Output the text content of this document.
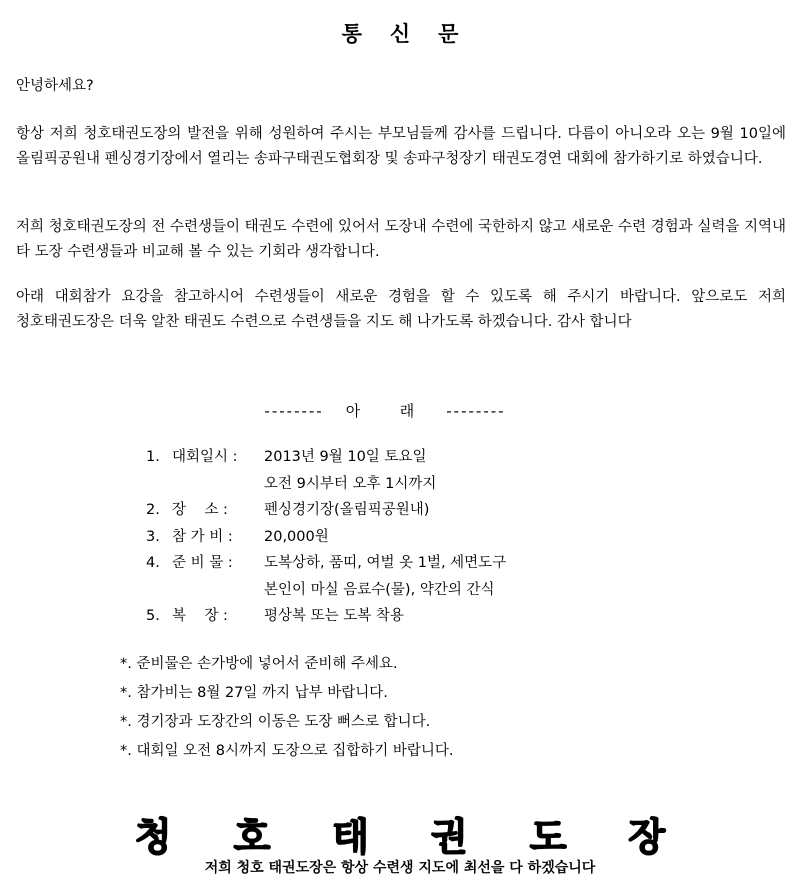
통신문
안녕하세요?
항상 저희 청호태권도장의 발전을 위해 성원하여 주시는 부모님들께 감사를 드립니다. 다름이 아니오라 오는 9월 10일에 올림픽공원내 펜싱경기장에서 열리는 송파구태권도협회장 및 송파구청장기 태권도경연 대회에 참가하기로 하였습니다.
저희 청호태권도장의 전 수련생들이 태권도 수련에 있어서 도장내 수련에 국한하지 않고 새로운 수련 경험과 실력을 지역내 타 도장 수련생들과 비교해 볼 수 있는 기회라 생각합니다.
아래 대회참가 요강을 참고하시어 수련생들이 새로운 경험을 할 수 있도록 해 주시기 바랍니다. 앞으로도 저희 청호태권도장은 더욱 알찬 태권도 수련으로 수련생들을 지도 해 나가도록 하겠습니다. 감사 합니다
-------- 아  래 --------
1. 대회일시 :	2013년 9월 10일 토요일
오전 9시부터 오후 1시까지
2. 장    소 :	펜싱경기장(올림픽공원내)
3. 참 가 비 :	20,000원
4. 준 비 물 :	도복상하, 품띠, 여벌 옷 1벌, 세면도구
본인이 마실 음료수(물), 약간의 간식
5. 복    장 :	평상복 또는 도복 착용
*. 준비물은 손가방에 넣어서 준비해 주세요.
*. 참가비는 8월 27일 까지 납부 바랍니다.
*. 경기장과 도장간의 이동은 도장 뻐스로 합니다.
*. 대회일 오전 8시까지 도장으로 집합하기 바랍니다.
청호태권도장
저희 청호 태권도장은 항상 수련생 지도에 최선을 다 하겠습니다
